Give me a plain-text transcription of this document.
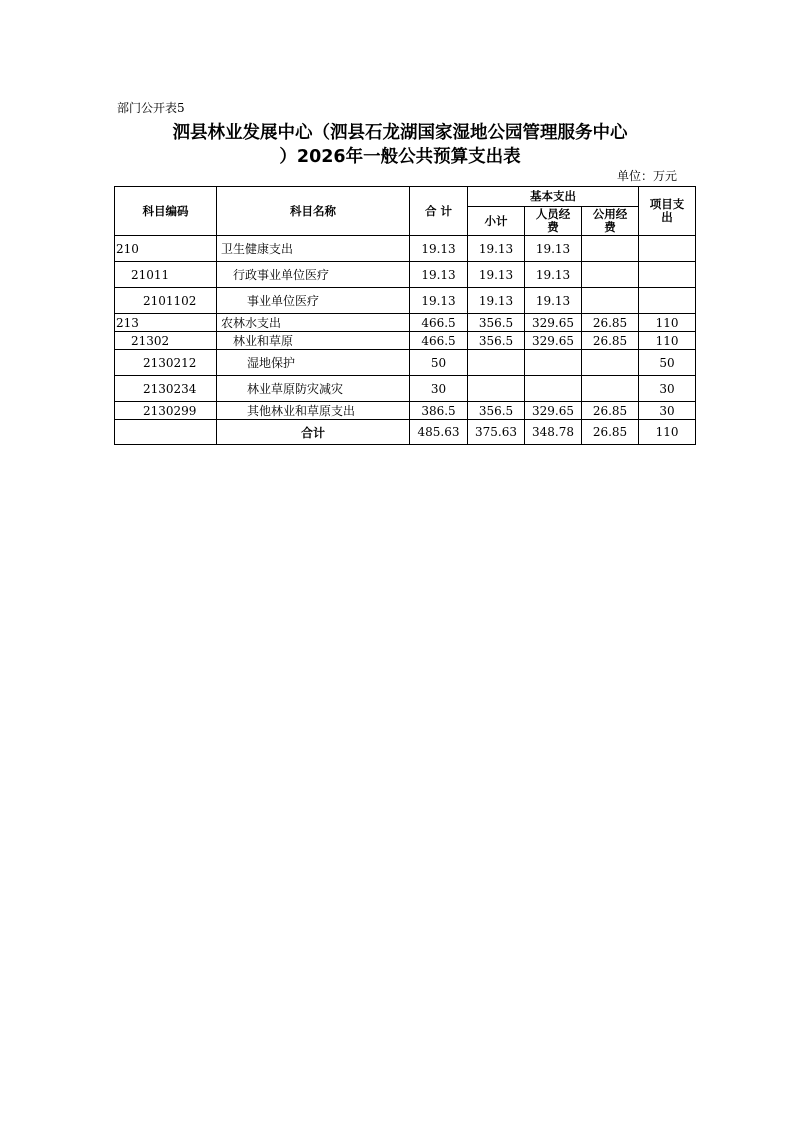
部门公开表5
泗县林业发展中心（泗县石龙湖国家湿地公园管理服务中心
）2026年一般公共预算支出表
单位：万元
科目编码	科目名称	合 计	基本支出			项目支出

			小计	人员经费	公用经费	

210	卫生健康支出	19.13	19.13	19.13		
21011	行政事业单位医疗	19.13	19.13	19.13		
2101102	事业单位医疗	19.13	19.13	19.13		
213	农林水支出	466.5	356.5	329.65	26.85	110
21302	林业和草原	466.5	356.5	329.65	26.85	110
2130212	湿地保护	50				50
2130234	林业草原防灾减灾	30				30
2130299	其他林业和草原支出	386.5	356.5	329.65	26.85	30
	合计	485.63	375.63	348.78	26.85	110
